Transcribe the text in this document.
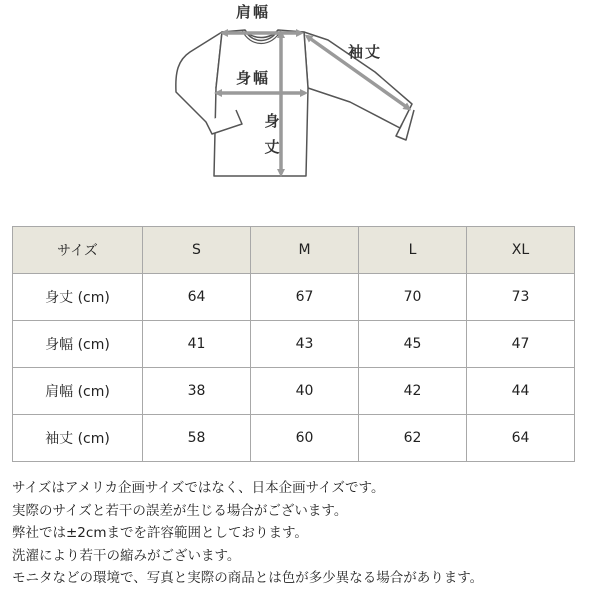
肩幅
袖丈
身幅
身
丈
サイズ	S	M	L	XL
身丈 (cm)	64	67	70	73
身幅 (cm)	41	43	45	47
肩幅 (cm)	38	40	42	44
袖丈 (cm)	58	60	62	64

サイズはアメリカ企画サイズではなく、日本企画サイズです。

実際のサイズと若干の誤差が生じる場合がございます。

弊社では±2cmまでを許容範囲としております。

洗濯により若干の縮みがございます。

モニタなどの環境で、写真と実際の商品とは色が多少異なる場合があります。
